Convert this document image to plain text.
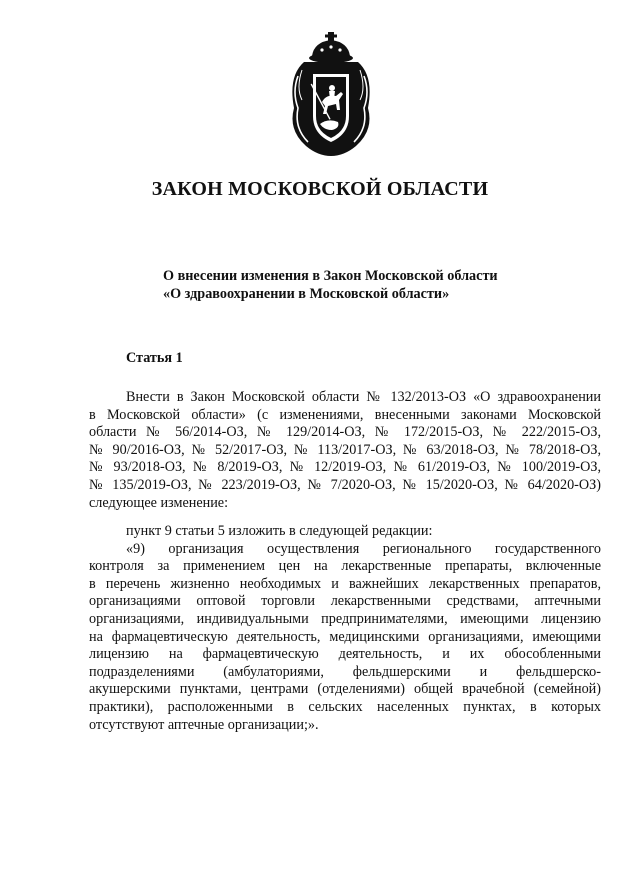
ЗАКОН МОСКОВСКОЙ ОБЛАСТИ
О внесении изменения в Закон Московской области
«О здравоохранении в Московской области»
Статья 1
Внести в Закон Московской области № 132/2013-ОЗ «О здравоохранении
в Московской области» (с изменениями, внесенными законами Московской
области № 56/2014-ОЗ, № 129/2014-ОЗ, № 172/2015-ОЗ, № 222/2015-ОЗ,
№ 90/2016-ОЗ, № 52/2017-ОЗ, № 113/2017-ОЗ, № 63/2018-ОЗ, № 78/2018-ОЗ,
№ 93/2018-ОЗ, № 8/2019-ОЗ, № 12/2019-ОЗ, № 61/2019-ОЗ, № 100/2019-ОЗ,
№ 135/2019-ОЗ, № 223/2019-ОЗ, № 7/2020-ОЗ, № 15/2020-ОЗ, № 64/2020-ОЗ)
следующее изменение:
пункт 9 статьи 5 изложить в следующей редакции:
«9) организация осуществления регионального государственного
контроля за применением цен на лекарственные препараты, включенные
в перечень жизненно необходимых и важнейших лекарственных препаратов,
организациями оптовой торговли лекарственными средствами, аптечными
организациями, индивидуальными предпринимателями, имеющими лицензию
на фармацевтическую деятельность, медицинскими организациями, имеющими
лицензию на фармацевтическую деятельность, и их обособленными
подразделениями (амбулаториями, фельдшерскими и фельдшерско-
акушерскими пунктами, центрами (отделениями) общей врачебной (семейной)
практики), расположенными в сельских населенных пунктах, в которых
отсутствуют аптечные организации;».
